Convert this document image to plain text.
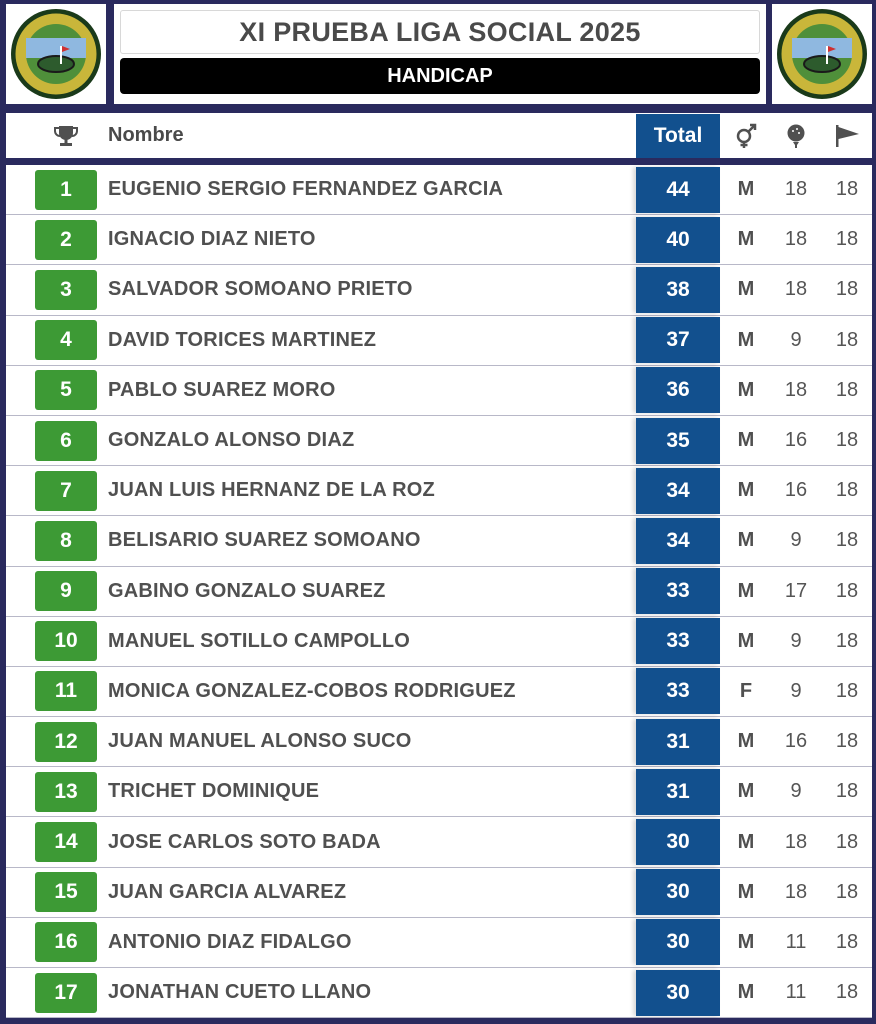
XI PRUEBA LIGA SOCIAL 2025
HANDICAP
Nombre	Total
1	EUGENIO SERGIO FERNANDEZ GARCIA	44	M 18 18
2	IGNACIO DIAZ NIETO	40	M 18 18
3	SALVADOR SOMOANO PRIETO	38	M 18 18
4	DAVID TORICES MARTINEZ	37	M 9 18
5	PABLO SUAREZ MORO	36	M 18 18
6	GONZALO ALONSO DIAZ	35	M 16 18
7	JUAN LUIS HERNANZ DE LA ROZ	34	M 16 18
8	BELISARIO SUAREZ SOMOANO	34	M 9 18
9	GABINO GONZALO SUAREZ	33	M 17 18
10	MANUEL SOTILLO CAMPOLLO	33	M 9 18
11	MONICA GONZALEZ-COBOS RODRIGUEZ	33	F 9 18
12	JUAN MANUEL ALONSO SUCO	31	M 16 18
13	TRICHET DOMINIQUE	31	M 9 18
14	JOSE CARLOS SOTO BADA	30	M 18 18
15	JUAN GARCIA ALVAREZ	30	M 18 18
16	ANTONIO DIAZ FIDALGO	30	M 11 18
17	JONATHAN CUETO LLANO	30	M 11 18
